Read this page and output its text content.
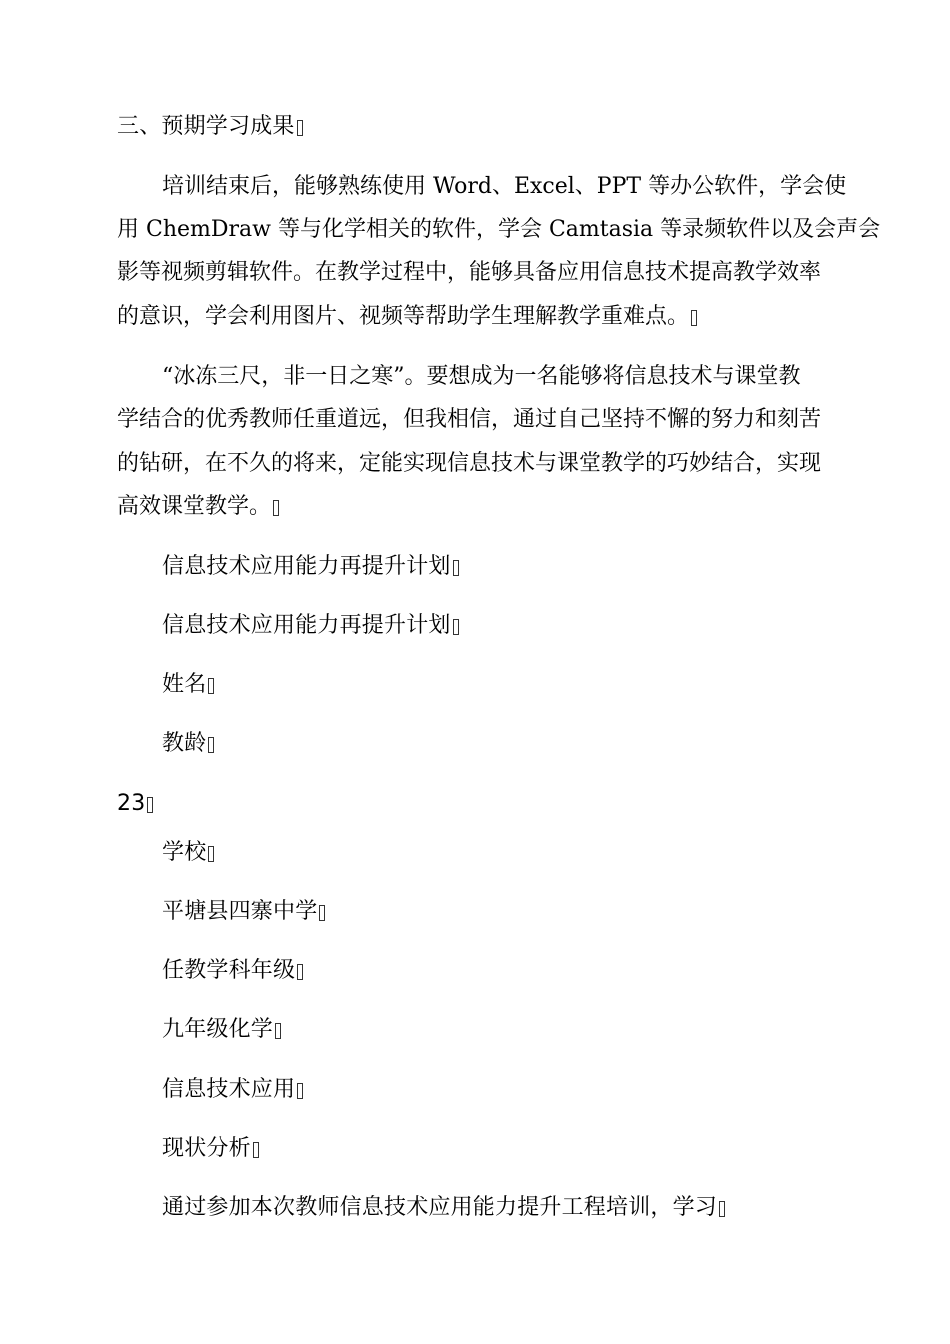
三、预期学习成果
培训结束后，能够熟练使用 Word、Excel、PPT 等办公软件，学会使
用 ChemDraw 等与化学相关的软件，学会 Camtasia 等录频软件以及会声会
影等视频剪辑软件。在教学过程中，能够具备应用信息技术提高教学效率
的意识，学会利用图片、视频等帮助学生理解教学重难点。
“冰冻三尺，非一日之寒”。要想成为一名能够将信息技术与课堂教
学结合的优秀教师任重道远，但我相信，通过自己坚持不懈的努力和刻苦
的钻研，在不久的将来，定能实现信息技术与课堂教学的巧妙结合，实现
高效课堂教学。
信息技术应用能力再提升计划
信息技术应用能力再提升计划
姓名
教龄
23
学校
平塘县四寨中学
任教学科年级
九年级化学
信息技术应用
现状分析
通过参加本次教师信息技术应用能力提升工程培训，学习
